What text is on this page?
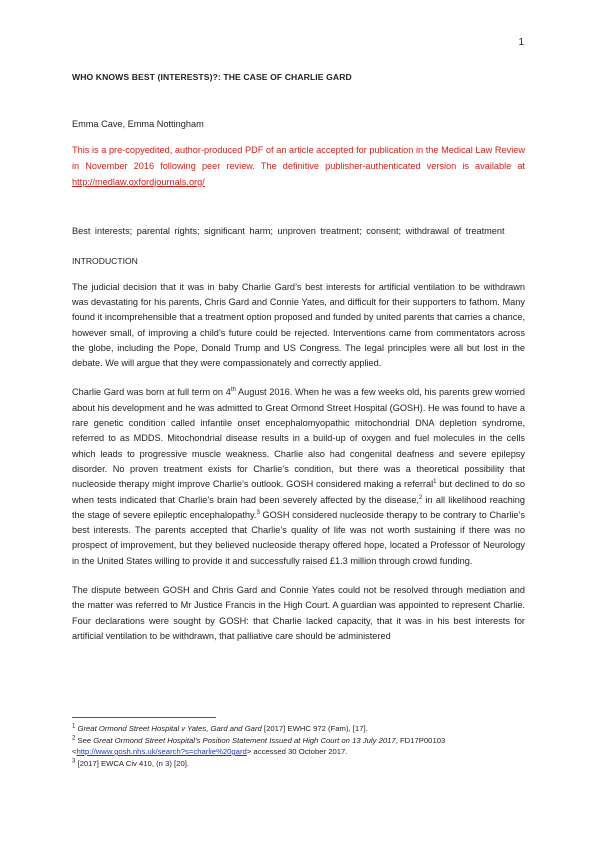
1
WHO KNOWS BEST (INTERESTS)?: THE CASE OF CHARLIE GARD
Emma Cave, Emma Nottingham
This is a pre-copyedited, author-produced PDF of an article accepted for publication in the Medical Law Review in November 2016 following peer review. The definitive publisher-authenticated version is available at http://medlaw.oxfordjournals.org/
Best interests; parental rights; significant harm; unproven treatment; consent; withdrawal of treatment
INTRODUCTION

The judicial decision that it was in baby Charlie Gard’s best interests for artificial ventilation to be withdrawn was devastating for his parents, Chris Gard and Connie Yates, and difficult for their supporters to fathom. Many found it incomprehensible that a treatment option proposed and funded by united parents that carries a chance, however small, of improving a child’s future could be rejected. Interventions came from commentators across the globe, including the Pope, Donald Trump and US Congress. The legal principles were all but lost in the debate. We will argue that they were compassionately and correctly applied.

Charlie Gard was born at full term on 4th August 2016. When he was a few weeks old, his parents grew worried about his development and he was admitted to Great Ormond Street Hospital (GOSH). He was found to have a rare genetic condition called infantile onset encephalomyopathic mitochondrial DNA depletion syndrome, referred to as MDDS. Mitochondrial disease results in a build-up of oxygen and fuel molecules in the cells which leads to progressive muscle weakness. Charlie also had congenital deafness and severe epilepsy disorder. No proven treatment exists for Charlie’s condition, but there was a theoretical possibility that nucleoside therapy might improve Charlie’s outlook. GOSH considered making a referral$^1$ but declined to do so when tests indicated that Charlie’s brain had been severely affected by the disease,$^2$ in all likelihood reaching the stage of severe epileptic encephalopathy.$^3$ GOSH considered nucleoside therapy to be contrary to Charlie’s best interests. The parents accepted that Charlie’s quality of life was not worth sustaining if there was no prospect of improvement, but they believed nucleoside therapy offered hope, located a Professor of Neurology in the United States willing to provide it and successfully raised £1.3 million through crowd funding.

The dispute between GOSH and Chris Gard and Connie Yates could not be resolved through mediation and the matter was referred to Mr Justice Francis in the High Court. A guardian was appointed to represent Charlie. Four declarations were sought by GOSH: that Charlie lacked capacity, that it was in his best interests for artificial ventilation to be withdrawn, that palliative care should be administered

$^1$ Great Ormond Street Hospital v Yates, Gard and Gard [2017] EWHC 972 (Fam), [17].
$^2$ See Great Ormond Street Hospital’s Position Statement Issued at High Court on 13 July 2017, FD17P00103
<http://www.gosh.nhs.uk/search?s=charlie%20gard> accessed 30 October 2017.
$^3$ [2017] EWCA Civ 410, (n 3) [20].
